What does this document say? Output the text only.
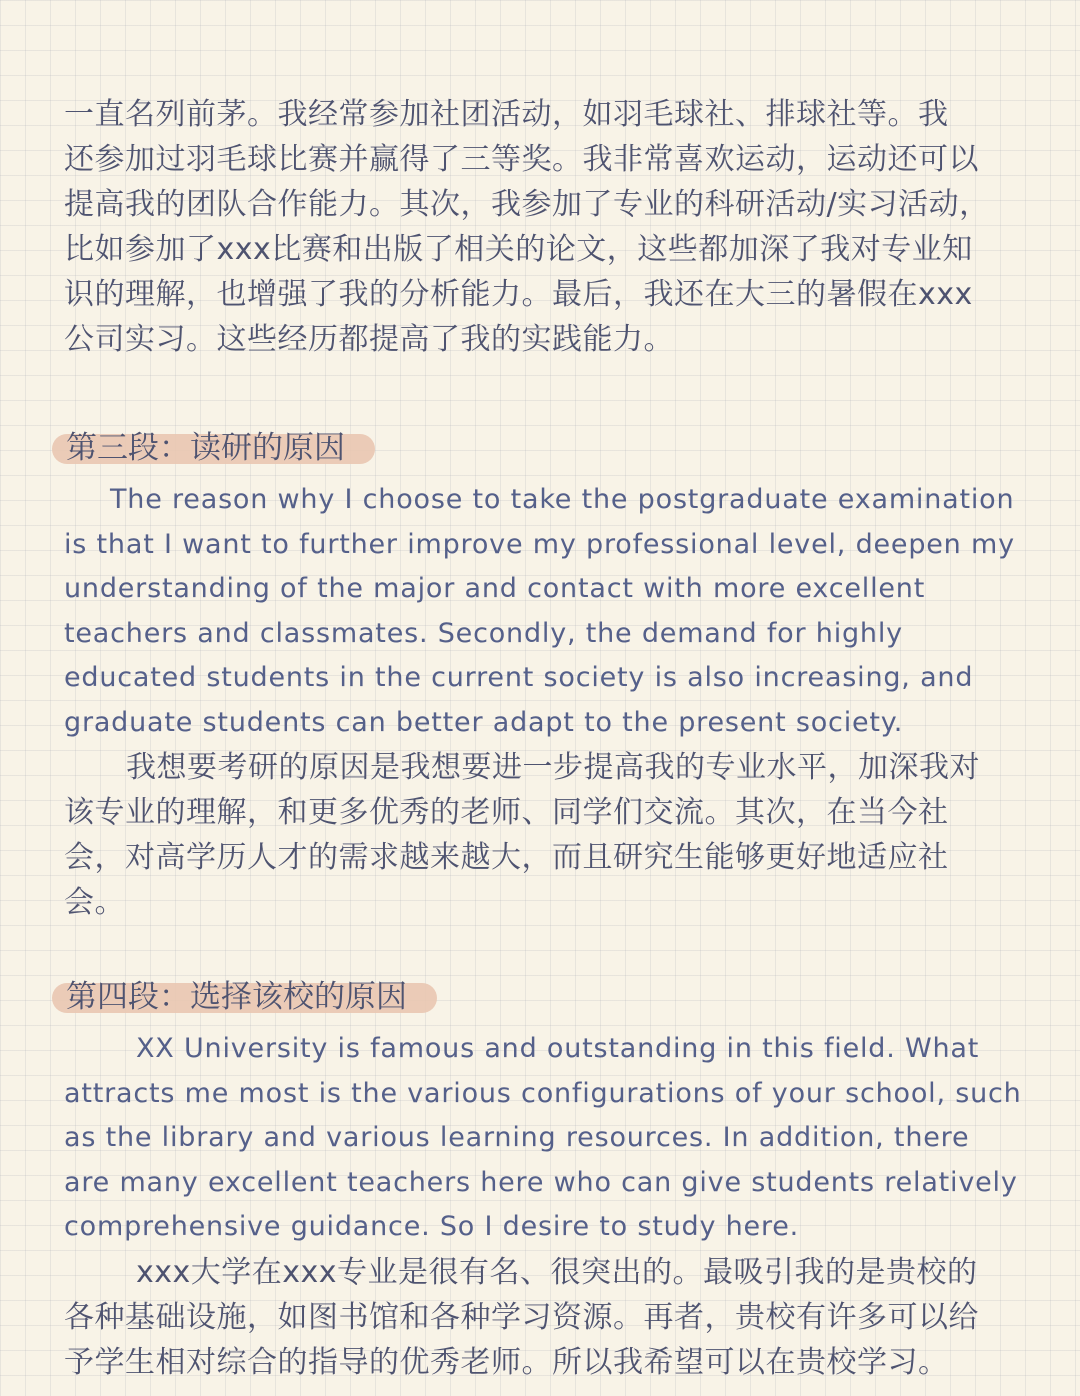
一直名列前茅。我经常参加社团活动，如羽毛球社、排球社等。我

还参加过羽毛球比赛并赢得了三等奖。我非常喜欢运动，运动还可以

提高我的团队合作能力。其次，我参加了专业的科研活动/实习活动，

比如参加了xxx比赛和出版了相关的论文，这些都加深了我对专业知

识的理解，也增强了我的分析能力。最后，我还在大三的暑假在xxx

公司实习。这些经历都提高了我的实践能力。

第三段：读研的原因

The reason why I choose to take the postgraduate examination

is that I want to further improve my professional level, deepen my

understanding of the major and contact with more excellent

teachers and classmates. Secondly, the demand for highly

educated students in the current society is also increasing, and

graduate students can better adapt to the present society.

我想要考研的原因是我想要进一步提高我的专业水平，加深我对

该专业的理解，和更多优秀的老师、同学们交流。其次，在当今社

会，对高学历人才的需求越来越大，而且研究生能够更好地适应社

会。

第四段：选择该校的原因

XX University is famous and outstanding in this field. What

attracts me most is the various configurations of your school, such

as the library and various learning resources. In addition, there

are many excellent teachers here who can give students relatively

comprehensive guidance. So I desire to study here.

xxx大学在xxx专业是很有名、很突出的。最吸引我的是贵校的

各种基础设施，如图书馆和各种学习资源。再者，贵校有许多可以给

予学生相对综合的指导的优秀老师。所以我希望可以在贵校学习。
